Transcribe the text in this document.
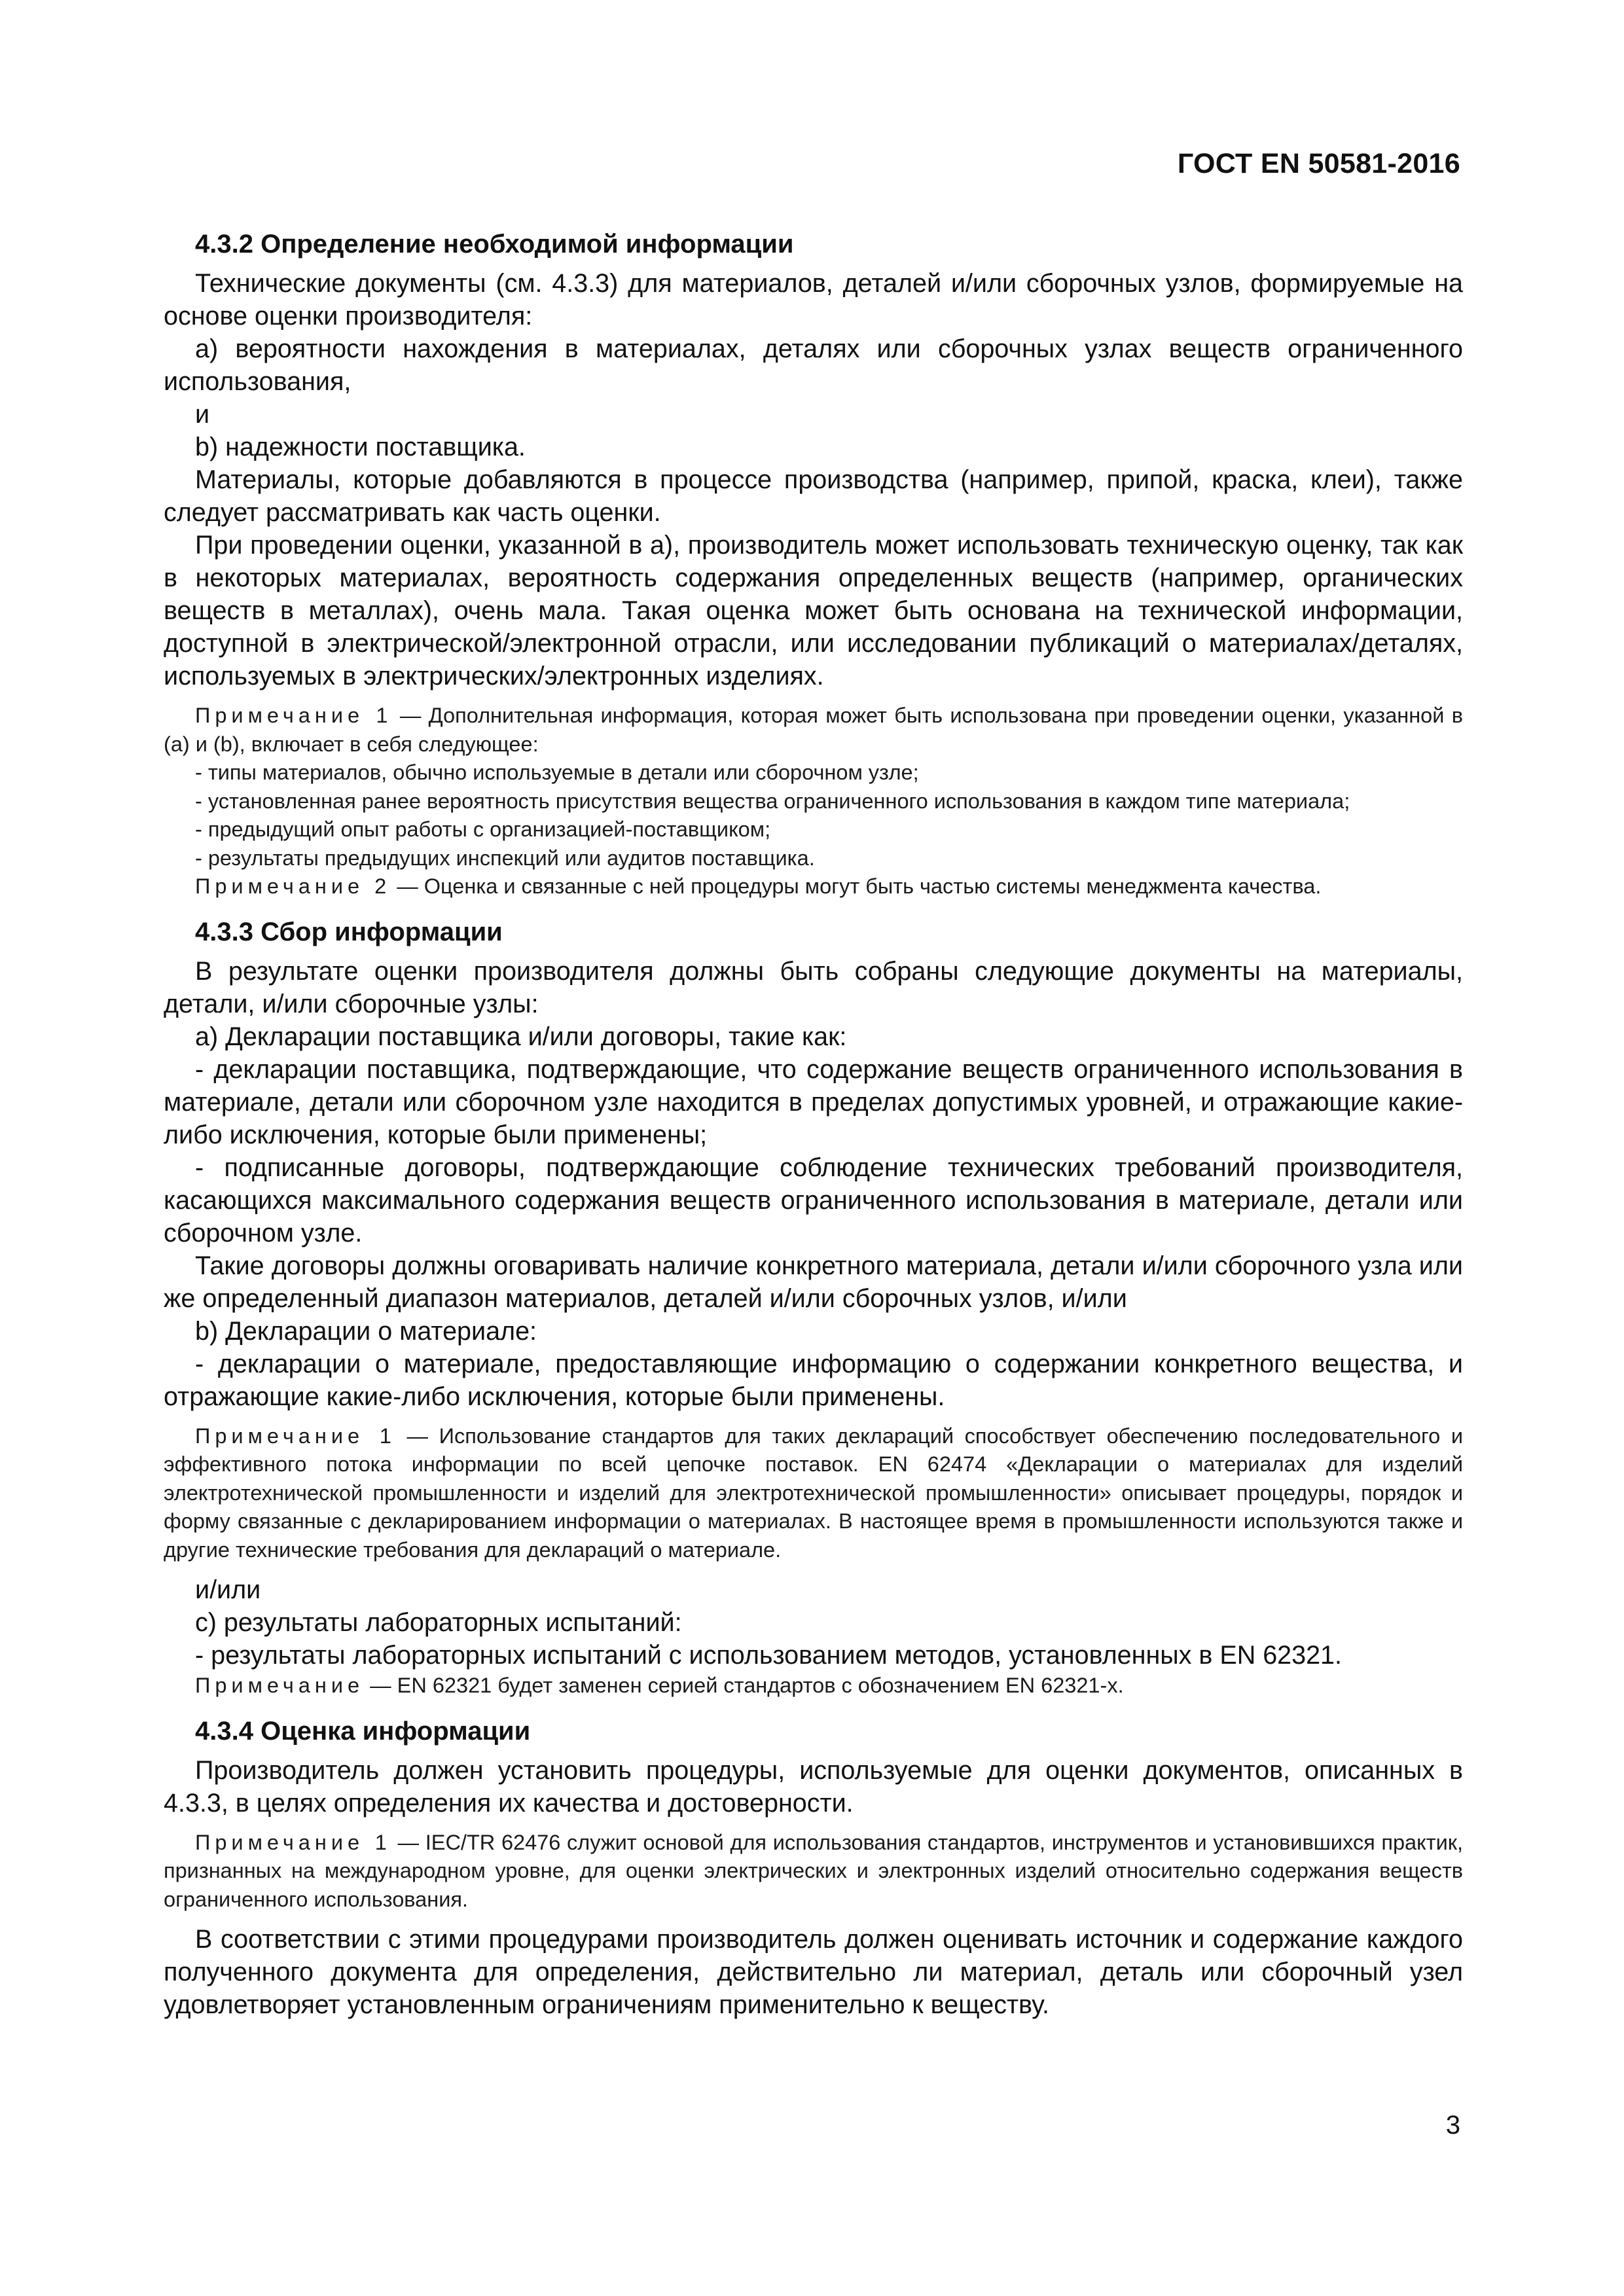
ГОСТ EN 50581-2016

4.3.2 Определение необходимой информации

Технические документы (см. 4.3.3) для материалов, деталей и/или сборочных узлов, формируемые на основе оценки производителя:

а) вероятности нахождения в материалах, деталях или сборочных узлах веществ ограниченного использования,

и

b) надежности поставщика.

Материалы, которые добавляются в процессе производства (например, припой, краска, клеи), также следует рассматривать как часть оценки.

При проведении оценки, указанной в а), производитель может использовать техническую оценку, так как в некоторых материалах, вероятность содержания определенных веществ (например, органических веществ в металлах), очень мала. Такая оценка может быть основана на технической информации, доступной в электрической/электронной отрасли, или исследовании публикаций о материалах/деталях, используемых в электрических/электронных изделиях.

Примечание 1 — Дополнительная информация, которая может быть использована при проведении оценки, указанной в (а) и (b), включает в себя следующее:

- типы материалов, обычно используемые в детали или сборочном узле;

- установленная ранее вероятность присутствия вещества ограниченного использования в каждом типе материала;

- предыдущий опыт работы с организацией-поставщиком;

- результаты предыдущих инспекций или аудитов поставщика.

Примечание 2 — Оценка и связанные с ней процедуры могут быть частью системы менеджмента качества.

4.3.3 Сбор информации

В результате оценки производителя должны быть собраны следующие документы на материалы, детали, и/или сборочные узлы:

а) Декларации поставщика и/или договоры, такие как:

- декларации поставщика, подтверждающие, что содержание веществ ограниченного использования в материале, детали или сборочном узле находится в пределах допустимых уровней, и отражающие какие-либо исключения, которые были применены;

- подписанные договоры, подтверждающие соблюдение технических требований производителя, касающихся максимального содержания веществ ограниченного использования в материале, детали или сборочном узле.

Такие договоры должны оговаривать наличие конкретного материала, детали и/или сборочного узла или же определенный диапазон материалов, деталей и/или сборочных узлов, и/или

b) Декларации о материале:

- декларации о материале, предоставляющие информацию о содержании конкретного вещества, и отражающие какие-либо исключения, которые были применены.

Примечание 1 — Использование стандартов для таких деклараций способствует обеспечению последовательного и эффективного потока информации по всей цепочке поставок. EN 62474 «Декларации о материалах для изделий электротехнической промышленности и изделий для электротехнической промышленности» описывает процедуры, порядок и форму связанные с декларированием информации о материалах. В настоящее время в промышленности используются также и другие технические требования для деклараций о материале.

и/или

с) результаты лабораторных испытаний:

- результаты лабораторных испытаний с использованием методов, установленных в EN 62321.

Примечание — EN 62321 будет заменен серией стандартов с обозначением EN 62321-х.

4.3.4 Оценка информации

Производитель должен установить процедуры, используемые для оценки документов, описанных в 4.3.3, в целях определения их качества и достоверности.

Примечание 1 — IEC/TR 62476 служит основой для использования стандартов, инструментов и установившихся практик, признанных на международном уровне, для оценки электрических и электронных изделий относительно содержания веществ ограниченного использования.

В соответствии с этими процедурами производитель должен оценивать источник и содержание каждого полученного документа для определения, действительно ли материал, деталь или сборочный узел удовлетворяет установленным ограничениям применительно к веществу.

3
